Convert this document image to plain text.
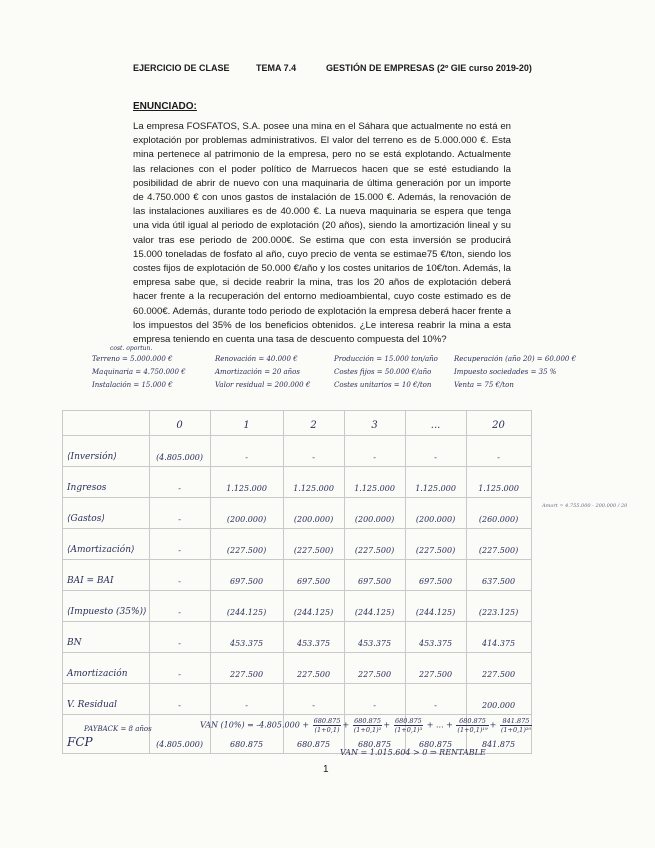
EJERCICIO DE CLASE	TEMA 7.4	GESTIÓN DE EMPRESAS (2º GIE curso 2019-20)
ENUNCIADO:

La empresa FOSFATOS, S.A. posee una mina en el Sáhara que actualmente no está en explotación por problemas administrativos. El valor del terreno es de 5.000.000 €. Esta mina pertenece al patrimonio de la empresa, pero no se está explotando. Actualmente las relaciones con el poder político de Marruecos hacen que se esté estudiando la posibilidad de abrir de nuevo con una maquinaria de última generación por un importe de 4.750.000 € con unos gastos de instalación de 15.000 €. Además, la renovación de las instalaciones auxiliares es de 40.000 €. La nueva maquinaria se espera que tenga una vida útil igual al periodo de explotación (20 años), siendo la amortización lineal y su valor tras ese periodo de 200.000€. Se estima que con esta inversión se producirá 15.000 toneladas de fosfato al año, cuyo precio de venta se estimae75 €/ton, siendo los costes fijos de explotación de 50.000 €/año y los costes unitarios de 10€/ton. Además, la empresa sabe que, si decide reabrir la mina, tras los 20 años de explotación deberá hacer frente a la recuperación del entorno medioambiental, cuyo coste estimado es de 60.000€. Además, durante todo periodo de explotación la empresa deberá hacer frente a los impuestos del 35% de los beneficios obtenidos. ¿Le interesa reabrir la mina a esta empresa teniendo en cuenta una tasa de descuento compuesta del 10%?

cost. oportun.
Terreno = 5.000.000 €
Maquinaria = 4.750.000 €
Instalación = 15.000 €
Renovación = 40.000 €
Amortización = 20 años
Valor residual = 200.000 €
Producción = 15.000 ton/año
Costes fijos = 50.000 €/año
Costes unitarios = 10 €/ton
Recuperación (año 20) = 60.000 €
Impuesto sociedades = 35 %
Venta = 75 €/ton
	0	1	2	3	...	20
⟨Inversión⟩	(4.805.000)	-	-	-	-	-
Ingresos	-	1.125.000	1.125.000	1.125.000	1.125.000	1.125.000
⟨Gastos⟩	-	(200.000)	(200.000)	(200.000)	(200.000)	(260.000)
⟨Amortización⟩	-	(227.500)	(227.500)	(227.500)	(227.500)	(227.500)
BAI = BAI	-	697.500	697.500	697.500	697.500	637.500
⟨Impuesto (35%)⟩	-	(244.125)	(244.125)	(244.125)	(244.125)	(223.125)
BN	-	453.375	453.375	453.375	453.375	414.375
Amortización	-	227.500	227.500	227.500	227.500	227.500
V. Residual	-	-	-	-	-	200.000
FCP	(4.805.000)	680.875	680.875	680.875	680.875	841.875
Amort = 4.755.000 - 200.000 / 20
PAYBACK = 8 años	VAN $(10\%) = -4.805.000 + \frac{680.875}{(1+0,1)} + \frac{680.875}{\text{(1+0,1)²}} + \frac{680.875}{\text{(1+0,1)³}}$ + ... + $\frac{680.875}{\text{(1+0,1)¹⁹}} + \frac{841.875}{\text{(1+0,1)²⁰}}$
VAN = 1.015.604 > 0 ⇒ RENTABLE
1
